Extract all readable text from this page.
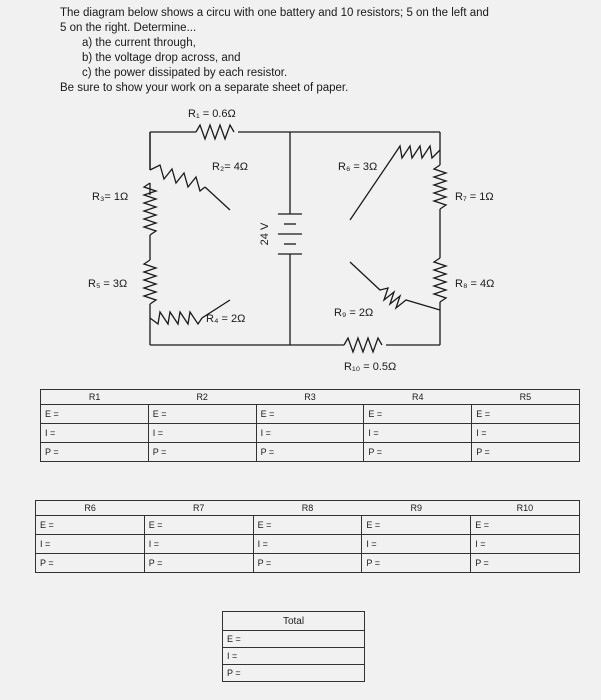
The diagram below shows a circu with one battery and 10 resistors; 5 on the left and
5 on the right. Determine...
a) the current through,
b) the voltage drop across, and
c) the power dissipated by each resistor.
Be sure to show your work on a separate sheet of paper.
R₁ = 0.6Ω
R₂= 4Ω
R₃= 1Ω
R₄ = 2Ω
R₅ = 3Ω
R₆ = 3Ω
R₇ = 1Ω
R₈ = 4Ω
R₉ = 2Ω
R₁₀ = 0.5Ω
24 V
R1	R2	R3	R4	R5
E =	E =	E =	E =	E =
I =	I =	I =	I =	I =
P =	P =	P =	P =	P =
R6	R7	R8	R9	R10
E =	E =	E =	E =	E =
I =	I =	I =	I =	I =
P =	P =	P =	P =	P =
Total
E =
I =
P =
